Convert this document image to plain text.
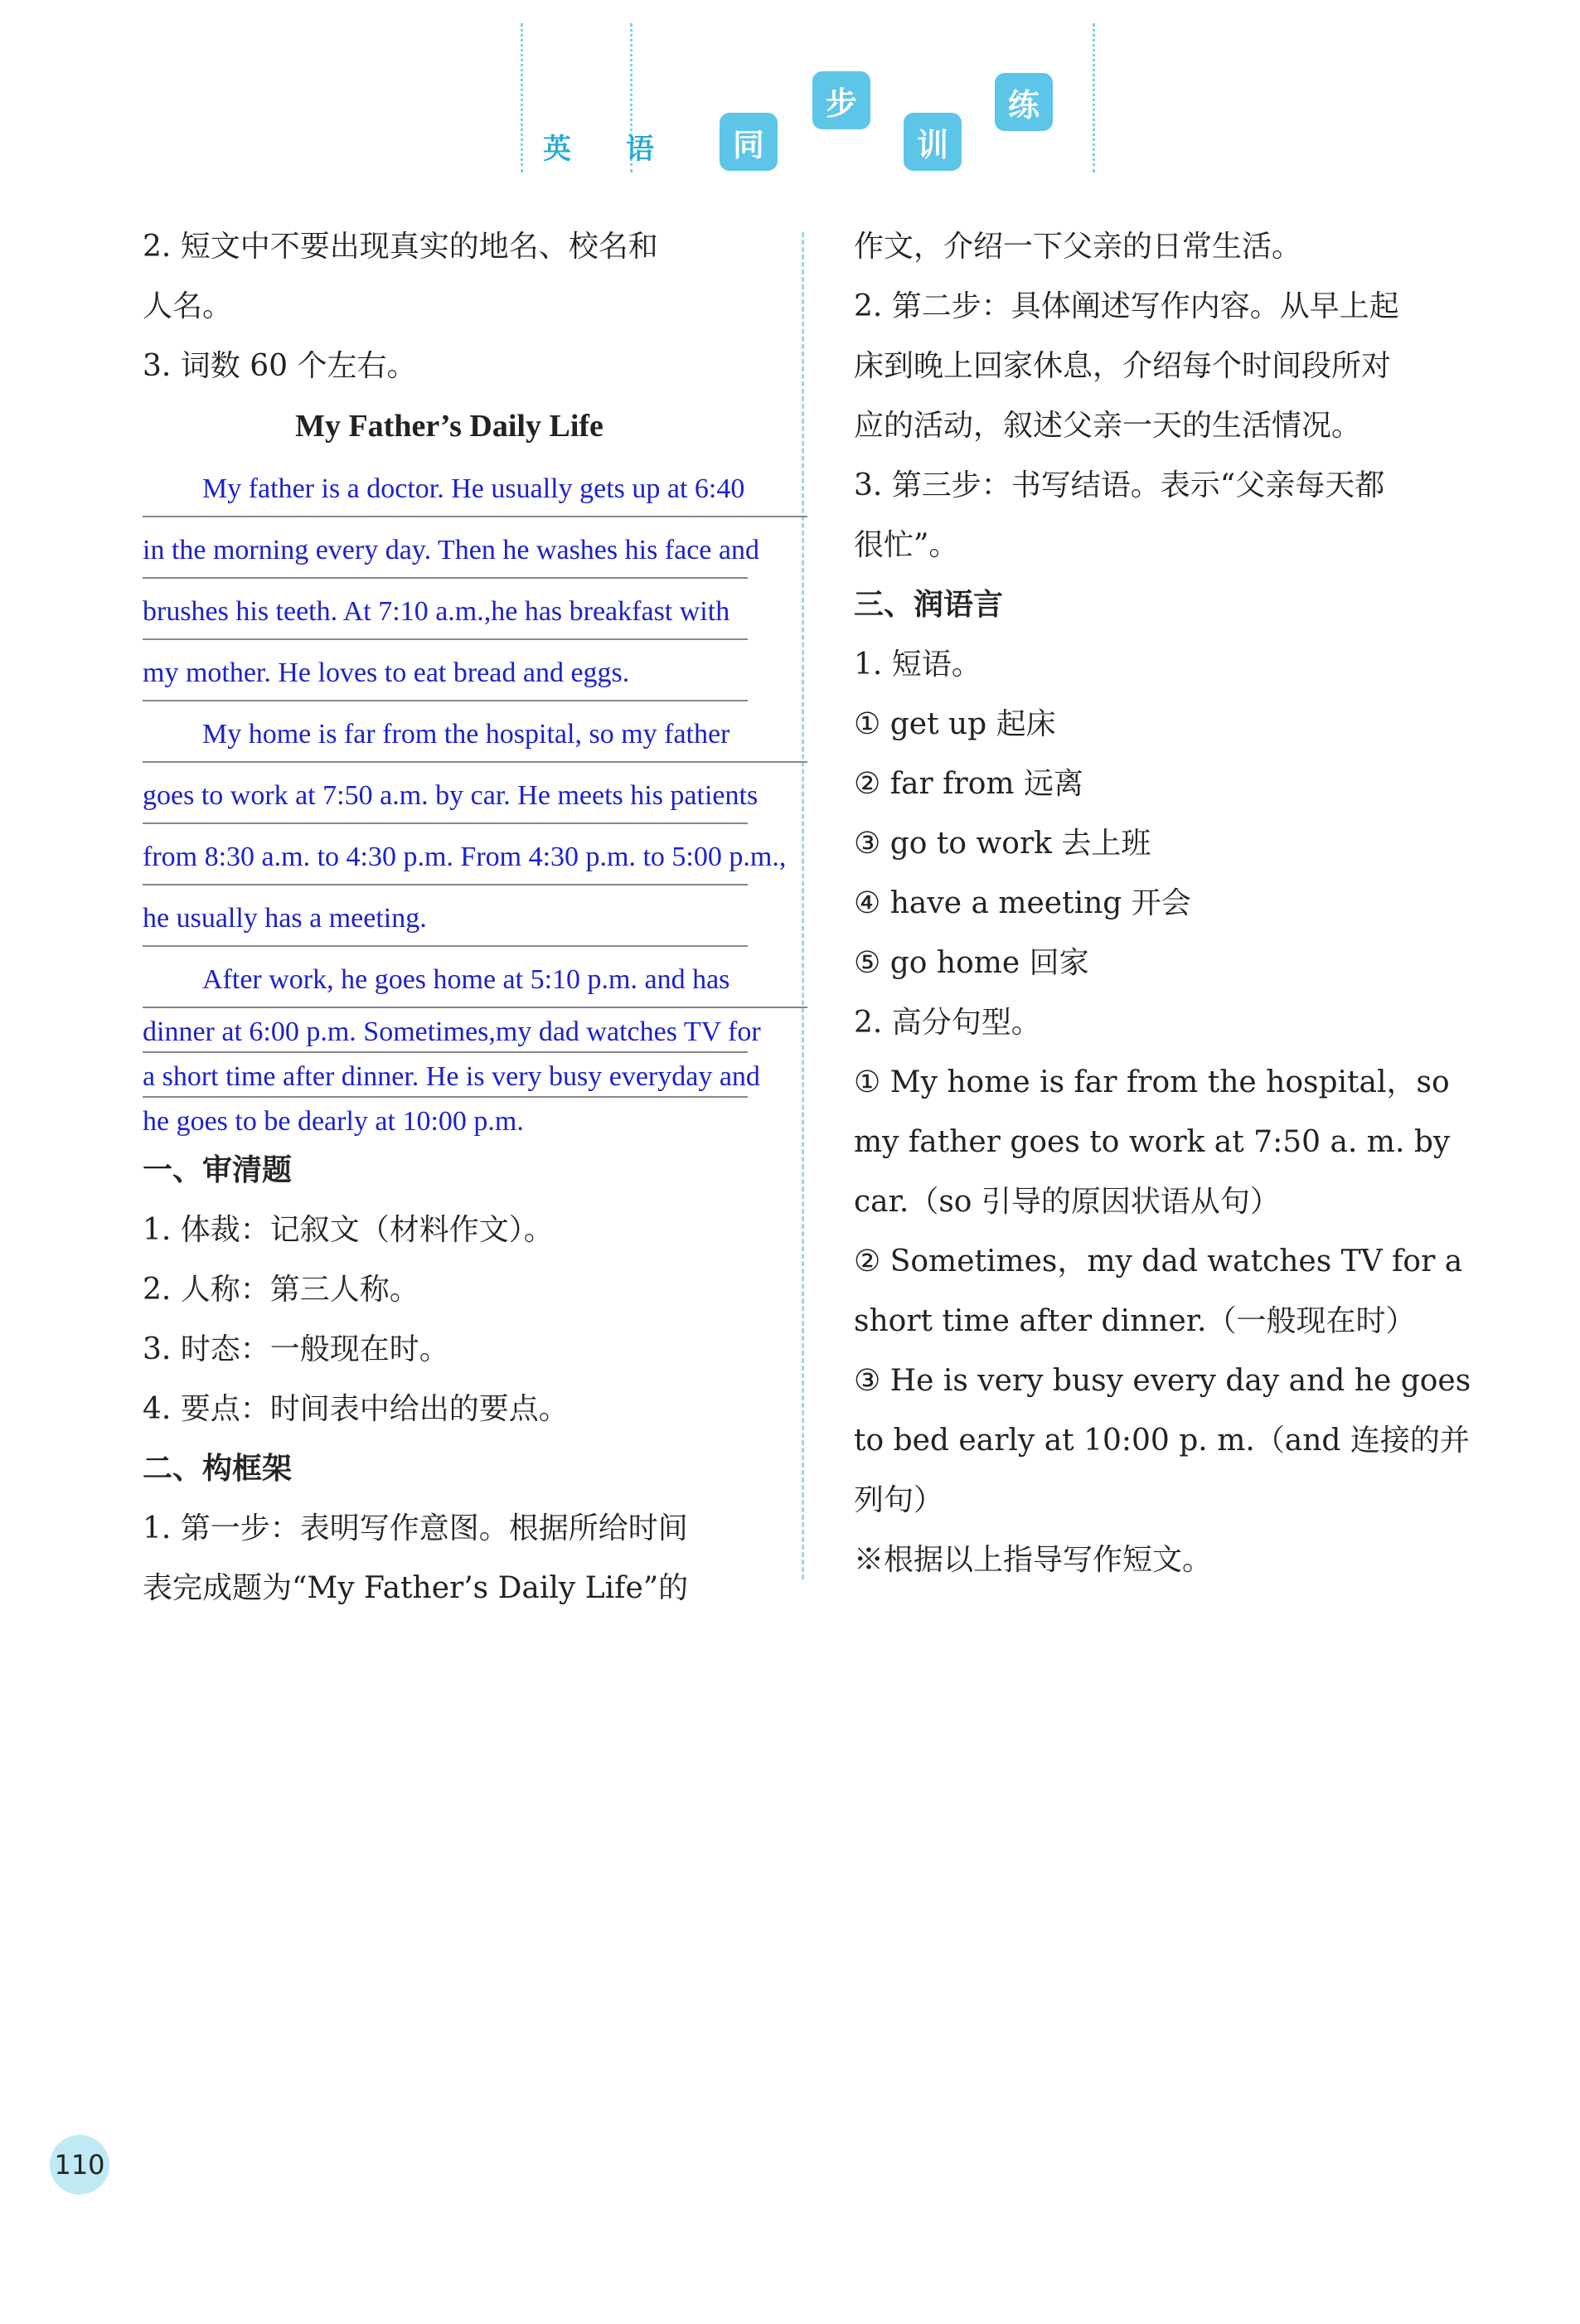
英 语	同
步
训
练

2. 短文中不要出现真实的地名、校名和

人名。

3. 词数 60 个左右。

My Father’s Daily Life

My father is a doctor. He usually gets up at 6:40
in the morning every day. Then he washes his face and
brushes his teeth. At 7:10 a.m.,he has breakfast with
my mother. He loves to eat bread and eggs.
My home is far from the hospital, so my father
goes to work at 7:50 a.m. by car. He meets his patients
from 8:30 a.m. to 4:30 p.m. From 4:30 p.m. to 5:00 p.m.,
he usually has a meeting.
After work, he goes home at 5:10 p.m. and has
dinner at 6:00 p.m. Sometimes,my dad watches TV for
a short time after dinner. He is very busy everyday and
he goes to be dearly at 10:00 p.m.

一、审清题

1. 体裁：记叙文（材料作文）。

2. 人称：第三人称。

3. 时态：一般现在时。

4. 要点：时间表中给出的要点。

二、构框架

1. 第一步：表明写作意图。根据所给时间

表完成题为“My Father’s Daily Life”的

作文，介绍一下父亲的日常生活。

2. 第二步：具体阐述写作内容。从早上起

床到晚上回家休息，介绍每个时间段所对

应的活动，叙述父亲一天的生活情况。

3. 第三步：书写结语。表示“父亲每天都

很忙”。

三、润语言

1. 短语。

① get up 起床

② far from 远离

③ go to work 去上班

④ have a meeting 开会

⑤ go home 回家

2. 高分句型。

① My home is far from the hospital，so

my father goes to work at 7:50 a. m. by

car.（so 引导的原因状语从句）

② Sometimes，my dad watches TV for a

short time after dinner.（一般现在时）

③ He is very busy every day and he goes

to bed early at 10:00 p. m.（and 连接的并

列句）

※根据以上指导写作短文。

110
